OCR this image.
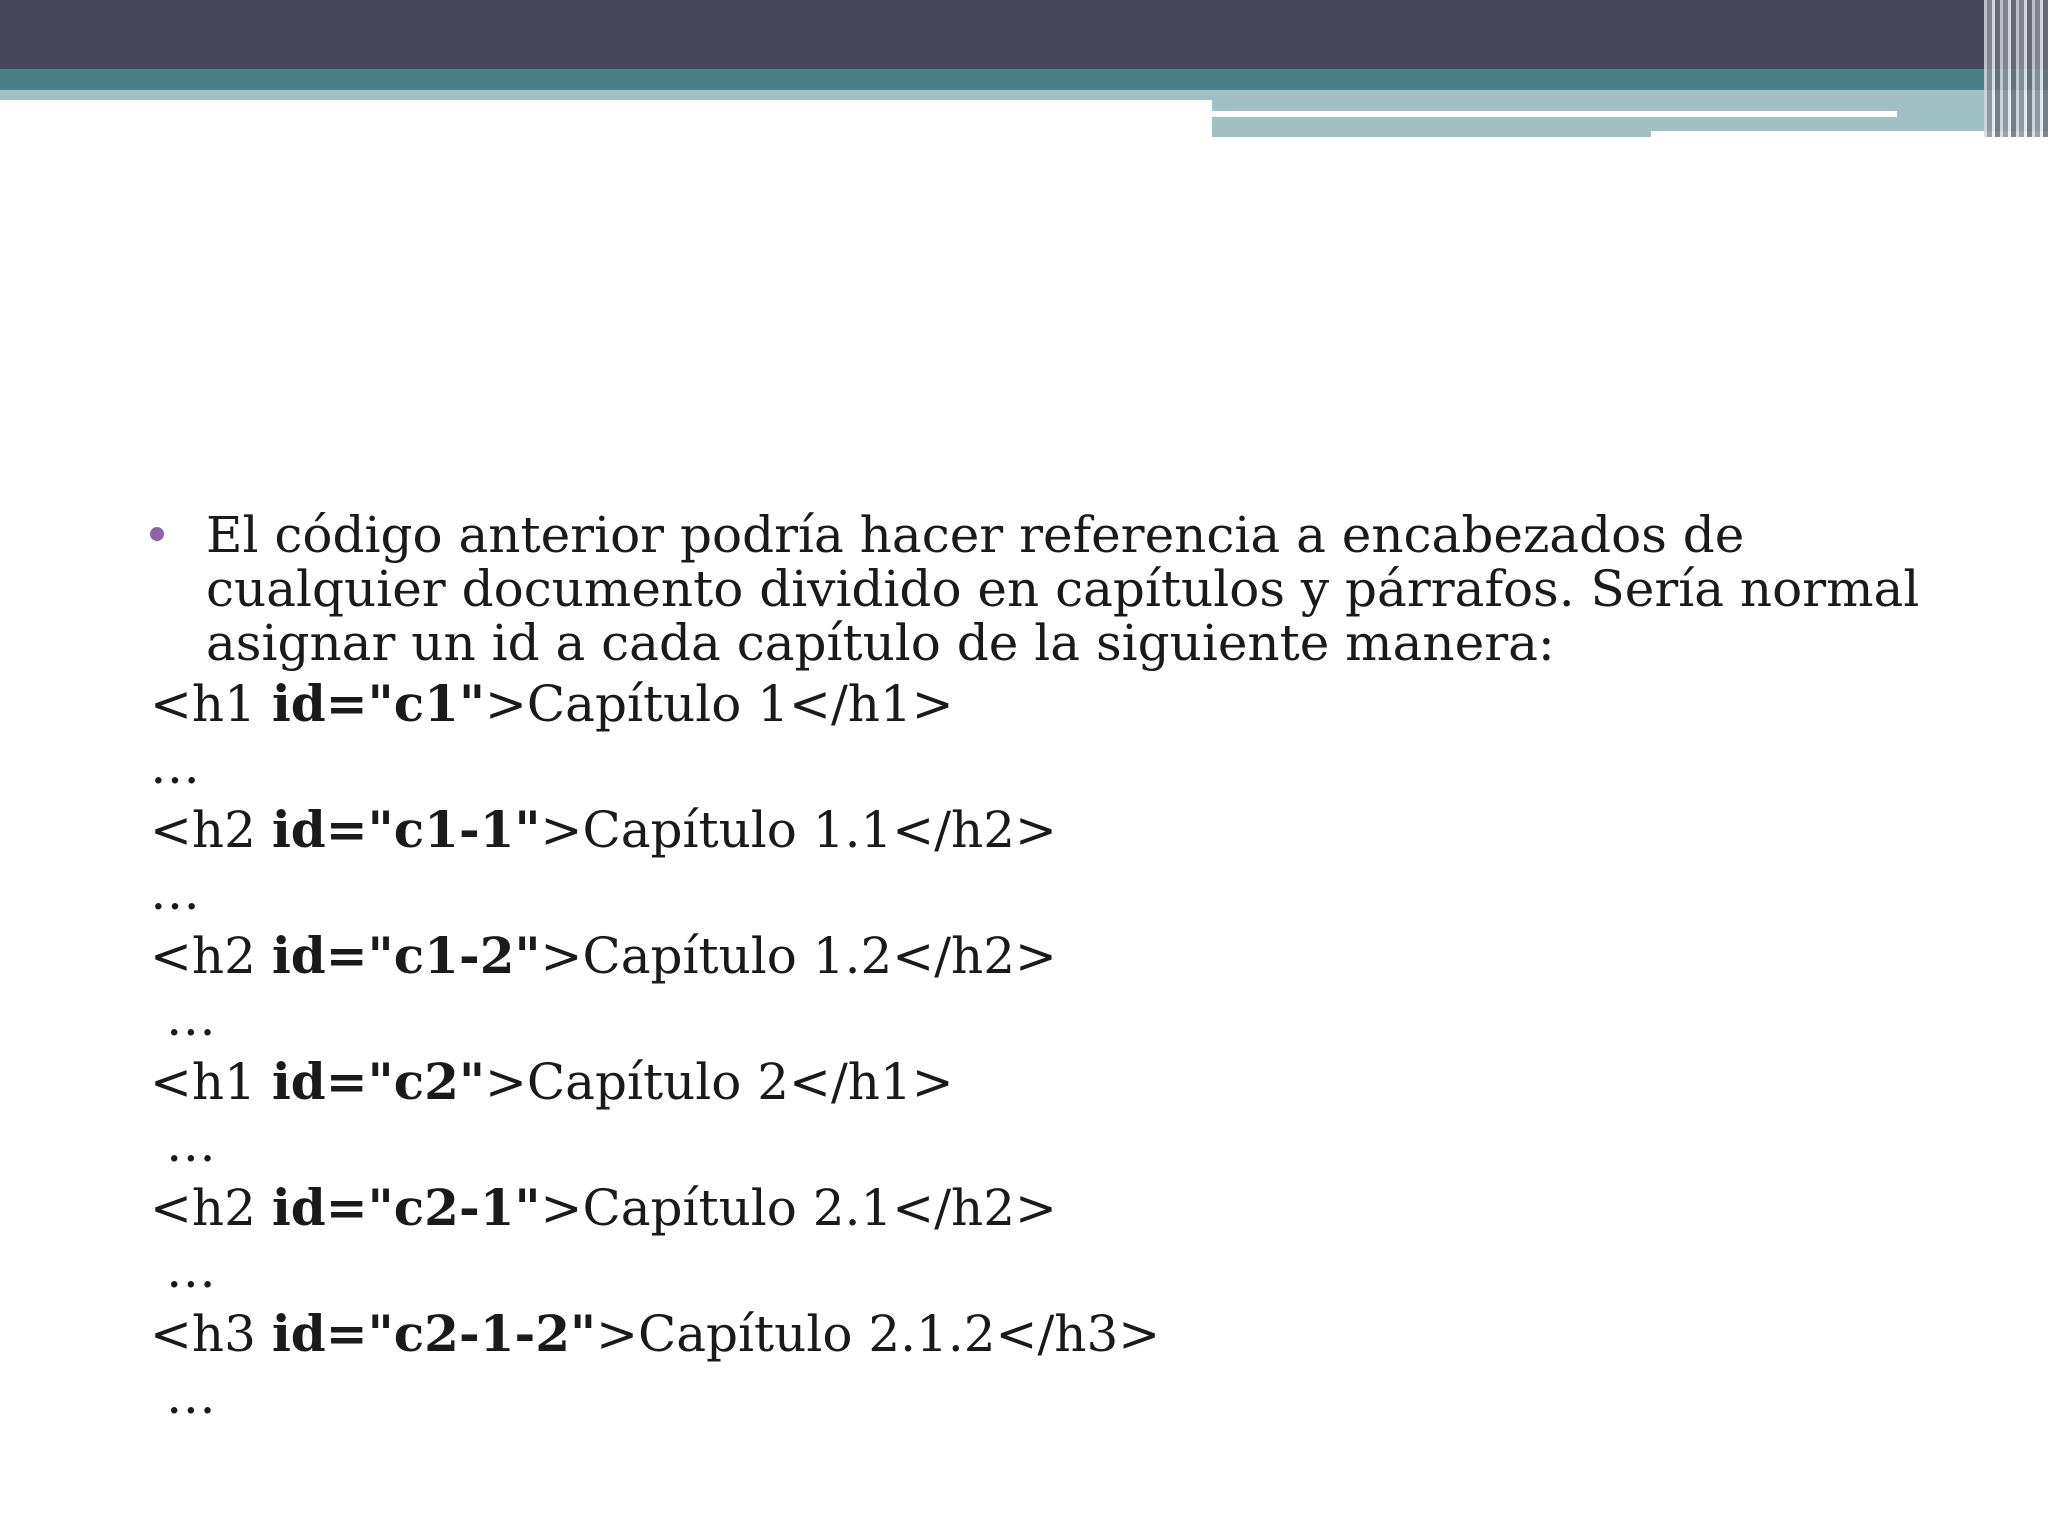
El código anterior podría hacer referencia a encabezados de cualquier documento dividido en capítulos y párrafos. Sería normal asignar un id a cada capítulo de la siguiente manera:
<h1 id="c1">Capítulo 1</h1>
…
<h2 id="c1-1">Capítulo 1.1</h2>
…
<h2 id="c1-2">Capítulo 1.2</h2>
…
<h1 id="c2">Capítulo 2</h1>
…
<h2 id="c2-1">Capítulo 2.1</h2>
…
<h3 id="c2-1-2">Capítulo 2.1.2</h3>
…
